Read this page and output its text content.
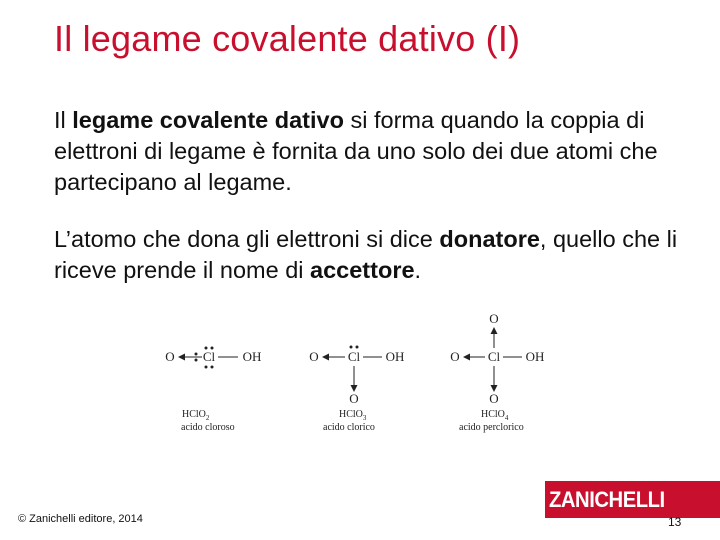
Il legame covalente dativo (I)

Il legame covalente dativo si forma quando la coppia di elettroni di legame è fornita da uno solo dei due atomi che partecipano al legame.

L’atomo che dona gli elettroni si dice donatore, quello che li riceve prende il nome di accettore.

O Cl OH
HClO$_2$
acido cloroso
O Cl OH
O
HClO$_3$
acido clorico
O
O Cl OH
O
HClO$_4$
acido perclorico
© Zanichelli editore, 2014
ZANICHELLI
13
